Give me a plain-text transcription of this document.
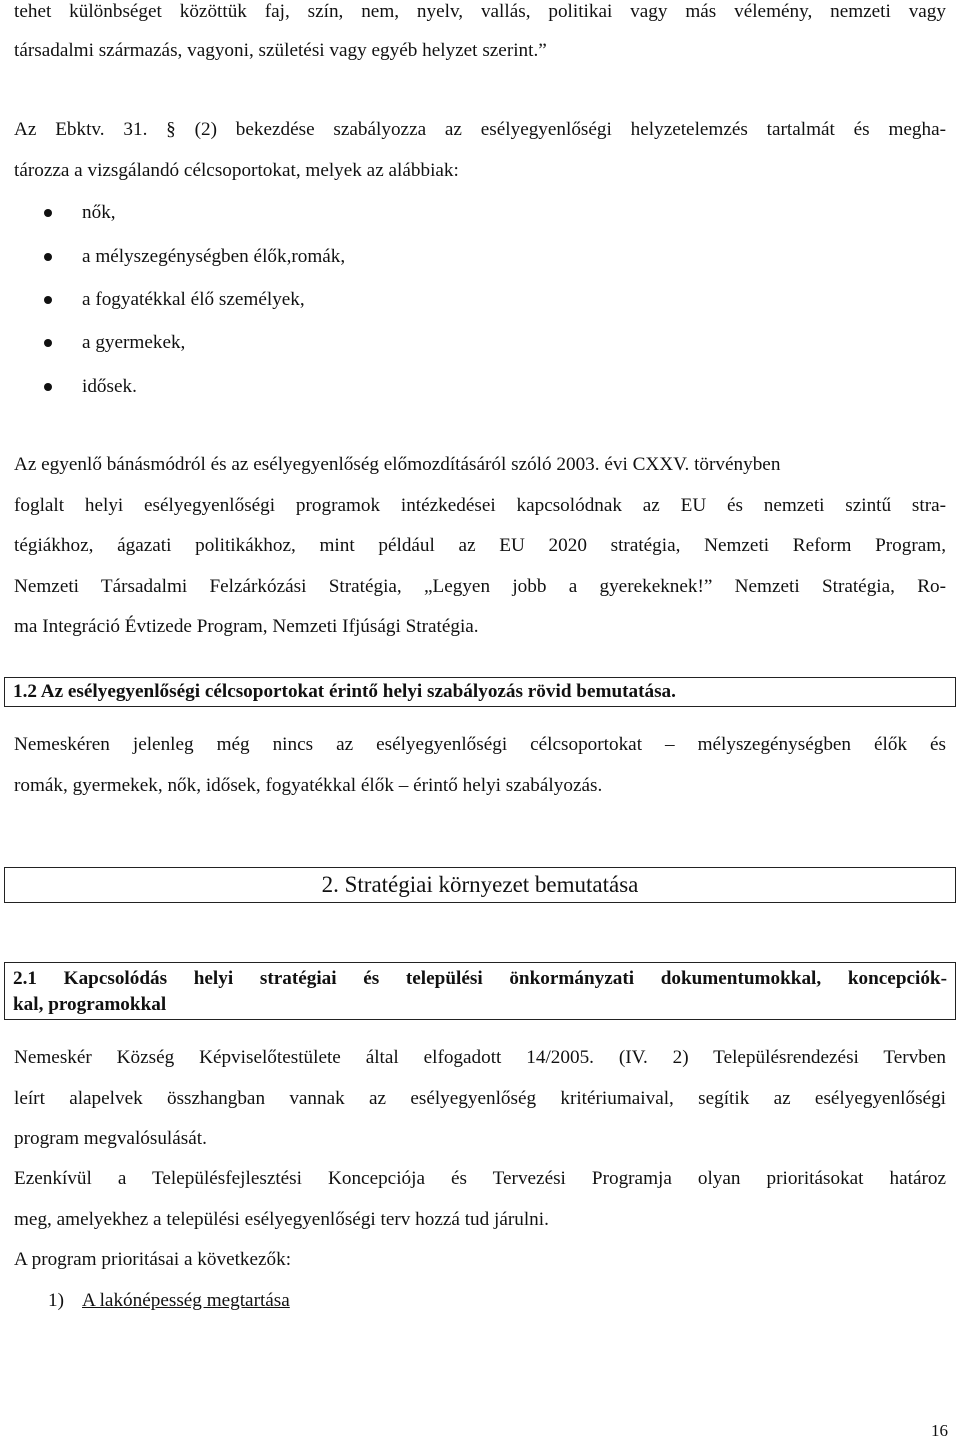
tehet különbséget közöttük faj, szín, nem, nyelv, vallás, politikai vagy más vélemény, nemzeti vagy

társadalmi származás, vagyoni, születési vagy egyéb helyzet szerint.”

Az Ebktv. 31. § (2) bekezdése szabályozza az esélyegyenlőségi helyzetelemzés tartalmát és megha-

tározza a vizsgálandó célcsoportokat, melyek az alábbiak:

nők,
a mélyszegénységben élők,romák,
a fogyatékkal élő személyek,
a gyermekek,
idősek.

Az egyenlő bánásmódról és az esélyegyenlőség előmozdításáról szóló 2003. évi CXXV. törvényben

foglalt helyi esélyegyenlőségi programok intézkedései kapcsolódnak az EU és nemzeti szintű stra-

tégiákhoz, ágazati politikákhoz, mint például az EU 2020 stratégia, Nemzeti Reform Program,

Nemzeti Társadalmi Felzárkózási Stratégia, „Legyen jobb a gyerekeknek!” Nemzeti Stratégia, Ro-

ma Integráció Évtizede Program, Nemzeti Ifjúsági Stratégia.

1.2 Az esélyegyenlőségi célcsoportokat érintő helyi szabályozás rövid bemutatása.

Nemeskéren jelenleg még nincs az esélyegyenlőségi célcsoportokat – mélyszegénységben élők és

romák, gyermekek, nők, idősek, fogyatékkal élők – érintő helyi szabályozás.

2. Stratégiai környezet bemutatása
2.1 Kapcsolódás helyi stratégiai és települési önkormányzati dokumentumokkal, koncepciók-
kal, programokkal

Nemeskér Község Képviselőtestülete által elfogadott 14/2005. (IV. 2) Településrendezési Tervben

leírt alapelvek összhangban vannak az esélyegyenlőség kritériumaival, segítik az esélyegyenlőségi

program megvalósulását.

Ezenkívül a Településfejlesztési Koncepciója és Tervezési Programja olyan prioritásokat határoz

meg, amelyekhez a települési esélyegyenlőségi terv hozzá tud járulni.

A program prioritásai a következők:

1) A lakónépesség megtartása
16
